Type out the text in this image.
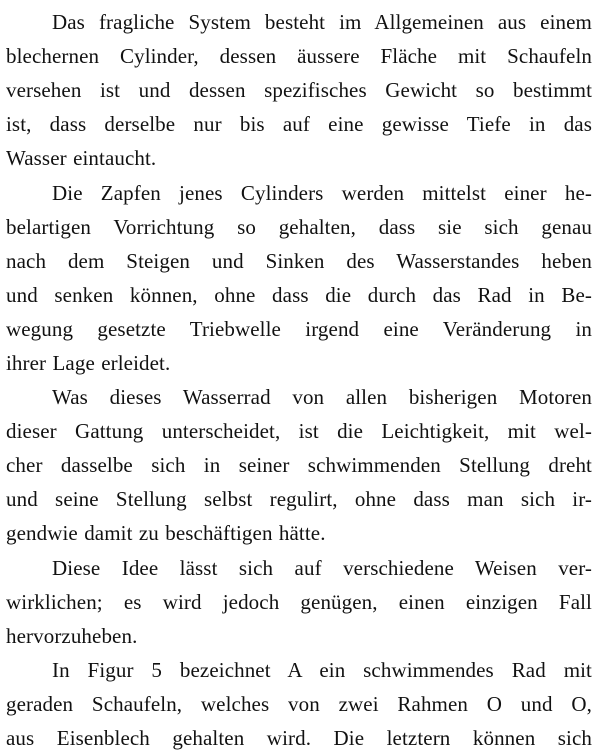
Das fragliche System besteht im Allgemeinen aus einem
blechernen Cylinder, dessen äussere Fläche mit Schaufeln
versehen ist und dessen spezifisches Gewicht so bestimmt
ist, dass derselbe nur bis auf eine gewisse Tiefe in das
Wasser eintaucht.
Die Zapfen jenes Cylinders werden mittelst einer he-
belartigen Vorrichtung so gehalten, dass sie sich genau
nach dem Steigen und Sinken des Wasserstandes heben
und senken können, ohne dass die durch das Rad in Be-
wegung gesetzte Triebwelle irgend eine Veränderung in
ihrer Lage erleidet.
Was dieses Wasserrad von allen bisherigen Motoren
dieser Gattung unterscheidet, ist die Leichtigkeit, mit wel-
cher dasselbe sich in seiner schwimmenden Stellung dreht
und seine Stellung selbst regulirt, ohne dass man sich ir-
gendwie damit zu beschäftigen hätte.
Diese Idee lässt sich auf verschiedene Weisen ver-
wirklichen; es wird jedoch genügen, einen einzigen Fall
hervorzuheben.
In Figur 5 bezeichnet A ein schwimmendes Rad mit
geraden Schaufeln, welches von zwei Rahmen O und O,
aus Eisenblech gehalten wird. Die letztern können sich
